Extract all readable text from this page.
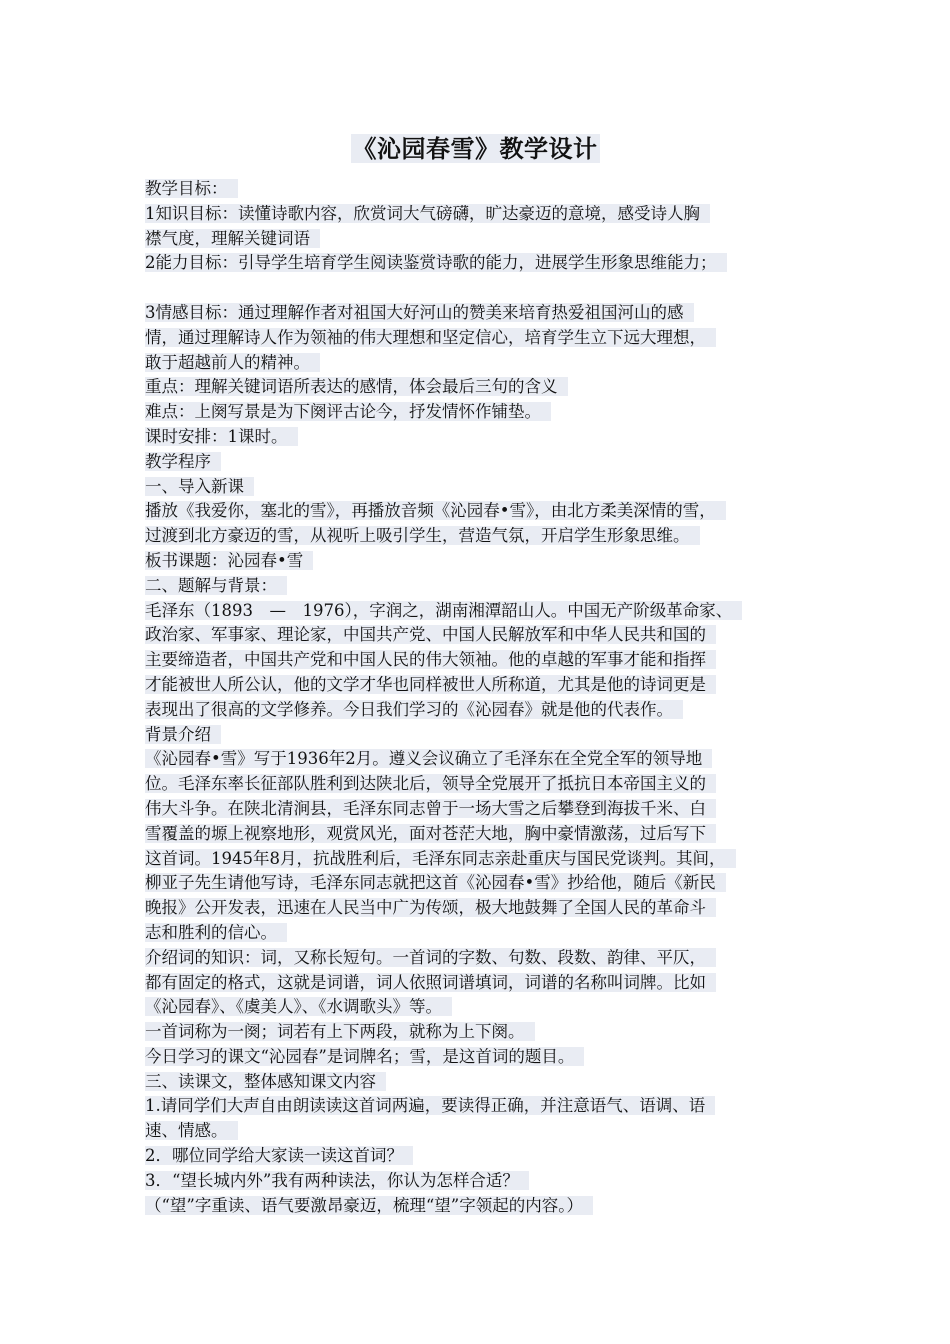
《沁园春雪》教学设计
教学目标：
1知识目标：读懂诗歌内容，欣赏词大气磅礴，旷达豪迈的意境，感受诗人胸
襟气度，理解关键词语
2能力目标：引导学生培育学生阅读鉴赏诗歌的能力，进展学生形象思维能力；
3情感目标：通过理解作者对祖国大好河山的赞美来培育热爱祖国河山的感
情，通过理解诗人作为领袖的伟大理想和坚定信心，培育学生立下远大理想，
敢于超越前人的精神。
重点：理解关键词语所表达的感情，体会最后三句的含义
难点：上阕写景是为下阕评古论今，抒发情怀作铺垫。
课时安排：1课时。
教学程序
一、导入新课
播放《我爱你，塞北的雪》，再播放音频《沁园春•雪》，由北方柔美深情的雪，
过渡到北方豪迈的雪，从视听上吸引学生，营造气氛，开启学生形象思维。
板书课题：沁园春•雪
二、题解与背景：
毛泽东（1893　—　1976），字润之，湖南湘潭韶山人。中国无产阶级革命家、
政治家、军事家、理论家，中国共产党、中国人民解放军和中华人民共和国的
主要缔造者，中国共产党和中国人民的伟大领袖。他的卓越的军事才能和指挥
才能被世人所公认，他的文学才华也同样被世人所称道，尤其是他的诗词更是
表现出了很高的文学修养。今日我们学习的《沁园春》就是他的代表作。
背景介绍
《沁园春•雪》写于1936年2月。遵义会议确立了毛泽东在全党全军的领导地
位。毛泽东率长征部队胜利到达陕北后，领导全党展开了抵抗日本帝国主义的
伟大斗争。在陕北清涧县，毛泽东同志曾于一场大雪之后攀登到海拔千米、白
雪覆盖的塬上视察地形，观赏风光，面对苍茫大地，胸中豪情激荡，过后写下
这首词。1945年8月，抗战胜利后，毛泽东同志亲赴重庆与国民党谈判。其间，
柳亚子先生请他写诗，毛泽东同志就把这首《沁园春•雪》抄给他，随后《新民
晚报》公开发表，迅速在人民当中广为传颂，极大地鼓舞了全国人民的革命斗
志和胜利的信心。
介绍词的知识：词，又称长短句。一首词的字数、句数、段数、韵律、平仄，
都有固定的格式，这就是词谱，词人依照词谱填词，词谱的名称叫词牌。比如
《沁园春》、《虞美人》、《水调歌头》等。
一首词称为一阕；词若有上下两段，就称为上下阕。
今日学习的课文“沁园春”是词牌名；雪，是这首词的题目。
三、读课文，整体感知课文内容
1.请同学们大声自由朗读读这首词两遍，要读得正确，并注意语气、语调、语
速、情感。
2．哪位同学给大家读一读这首词？
3．“望长城内外”我有两种读法，你认为怎样合适？
（“望”字重读、语气要激昂豪迈，梳理“望”字领起的内容。）
